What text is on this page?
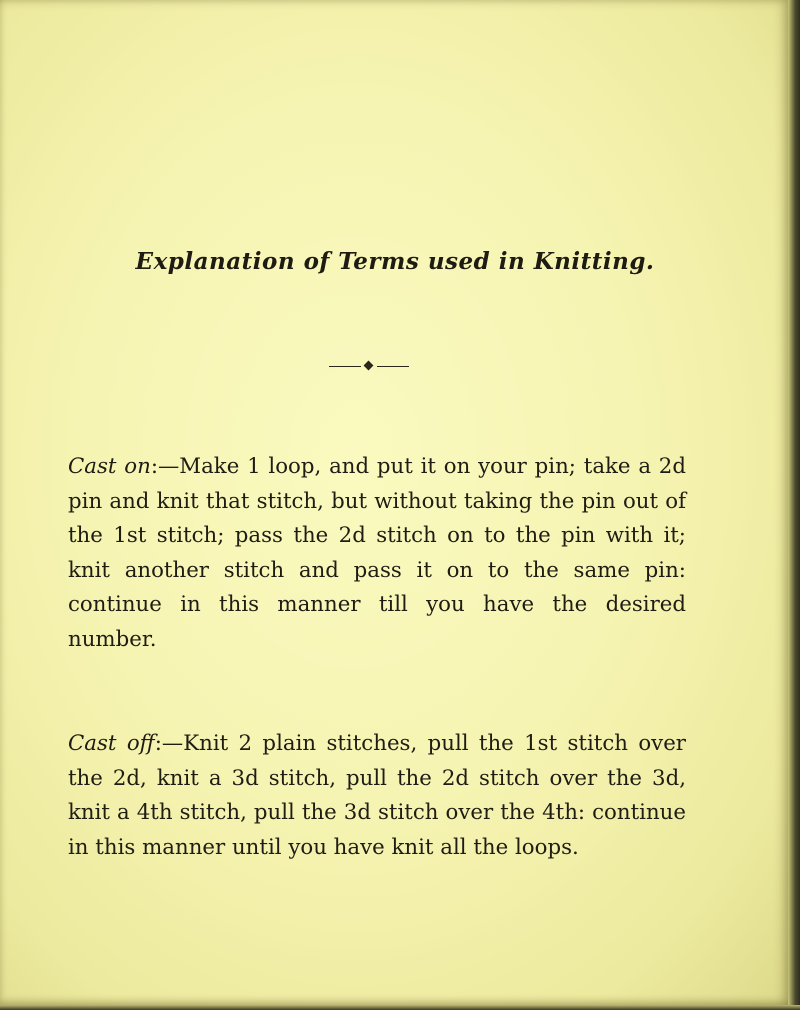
Explanation of Terms used in Knitting.
Cast on:—Make 1 loop, and put it on your pin; take a 2d pin and knit that stitch, but without taking the pin out of the 1st stitch; pass the 2d stitch on to the pin with it; knit another stitch and pass it on to the same pin: continue in this manner till you have the desired number.
Cast off:—Knit 2 plain stitches, pull the 1st stitch over the 2d, knit a 3d stitch, pull the 2d stitch over the 3d, knit a 4th stitch, pull the 3d stitch over the 4th: continue in this manner until you have knit all the loops.
